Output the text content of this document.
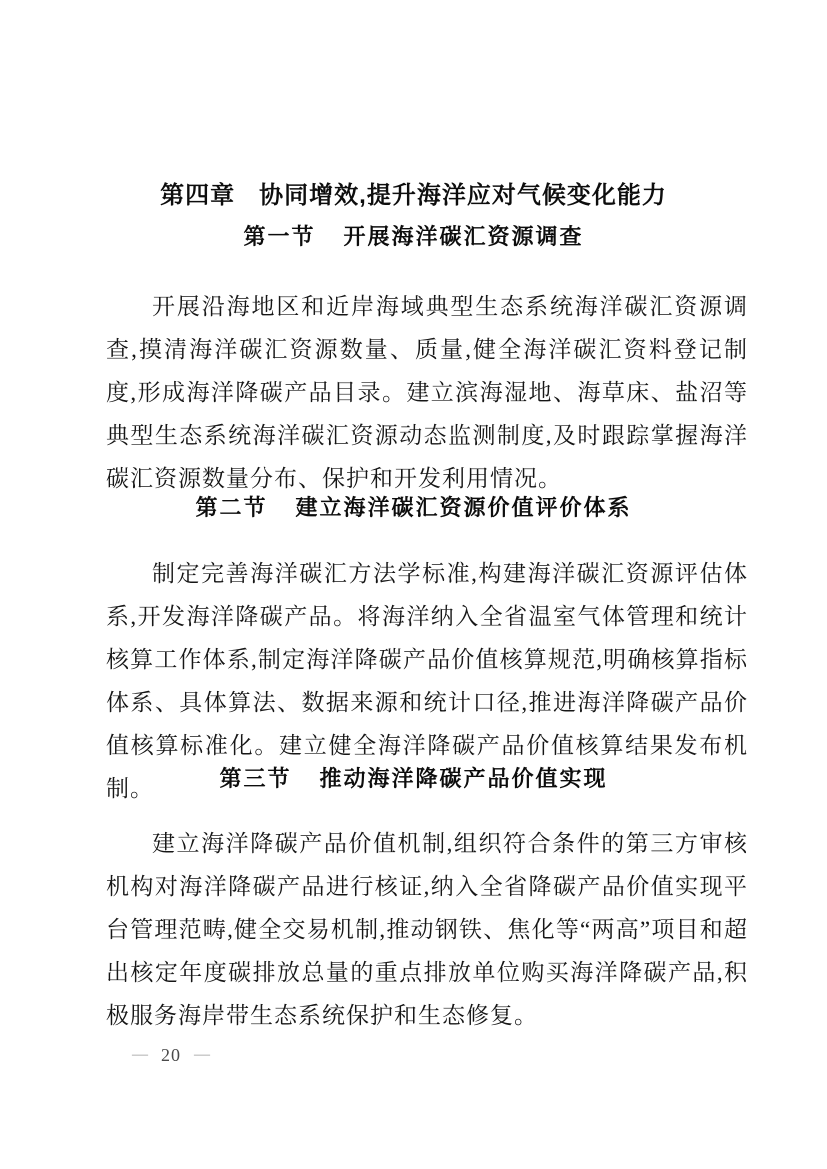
第四章 协同增效,提升海洋应对气候变化能力
第一节 开展海洋碳汇资源调查

开展沿海地区和近岸海域典型生态系统海洋碳汇资源调查,摸清海洋碳汇资源数量、质量,健全海洋碳汇资料登记制度,形成海洋降碳产品目录。建立滨海湿地、海草床、盐沼等典型生态系统海洋碳汇资源动态监测制度,及时跟踪掌握海洋碳汇资源数量分布、保护和开发利用情况。

第二节 建立海洋碳汇资源价值评价体系

制定完善海洋碳汇方法学标准,构建海洋碳汇资源评估体系,开发海洋降碳产品。将海洋纳入全省温室气体管理和统计核算工作体系,制定海洋降碳产品价值核算规范,明确核算指标体系、具体算法、数据来源和统计口径,推进海洋降碳产品价值核算标准化。建立健全海洋降碳产品价值核算结果发布机制。	第三节 推动海洋降碳产品价值实现

建立海洋降碳产品价值机制,组织符合条件的第三方审核机构对海洋降碳产品进行核证,纳入全省降碳产品价值实现平台管理范畴,健全交易机制,推动钢铁、焦化等“两高”项目和超出核定年度碳排放总量的重点排放单位购买海洋降碳产品,积极服务海岸带生态系统保护和生态修复。

— 20 —
